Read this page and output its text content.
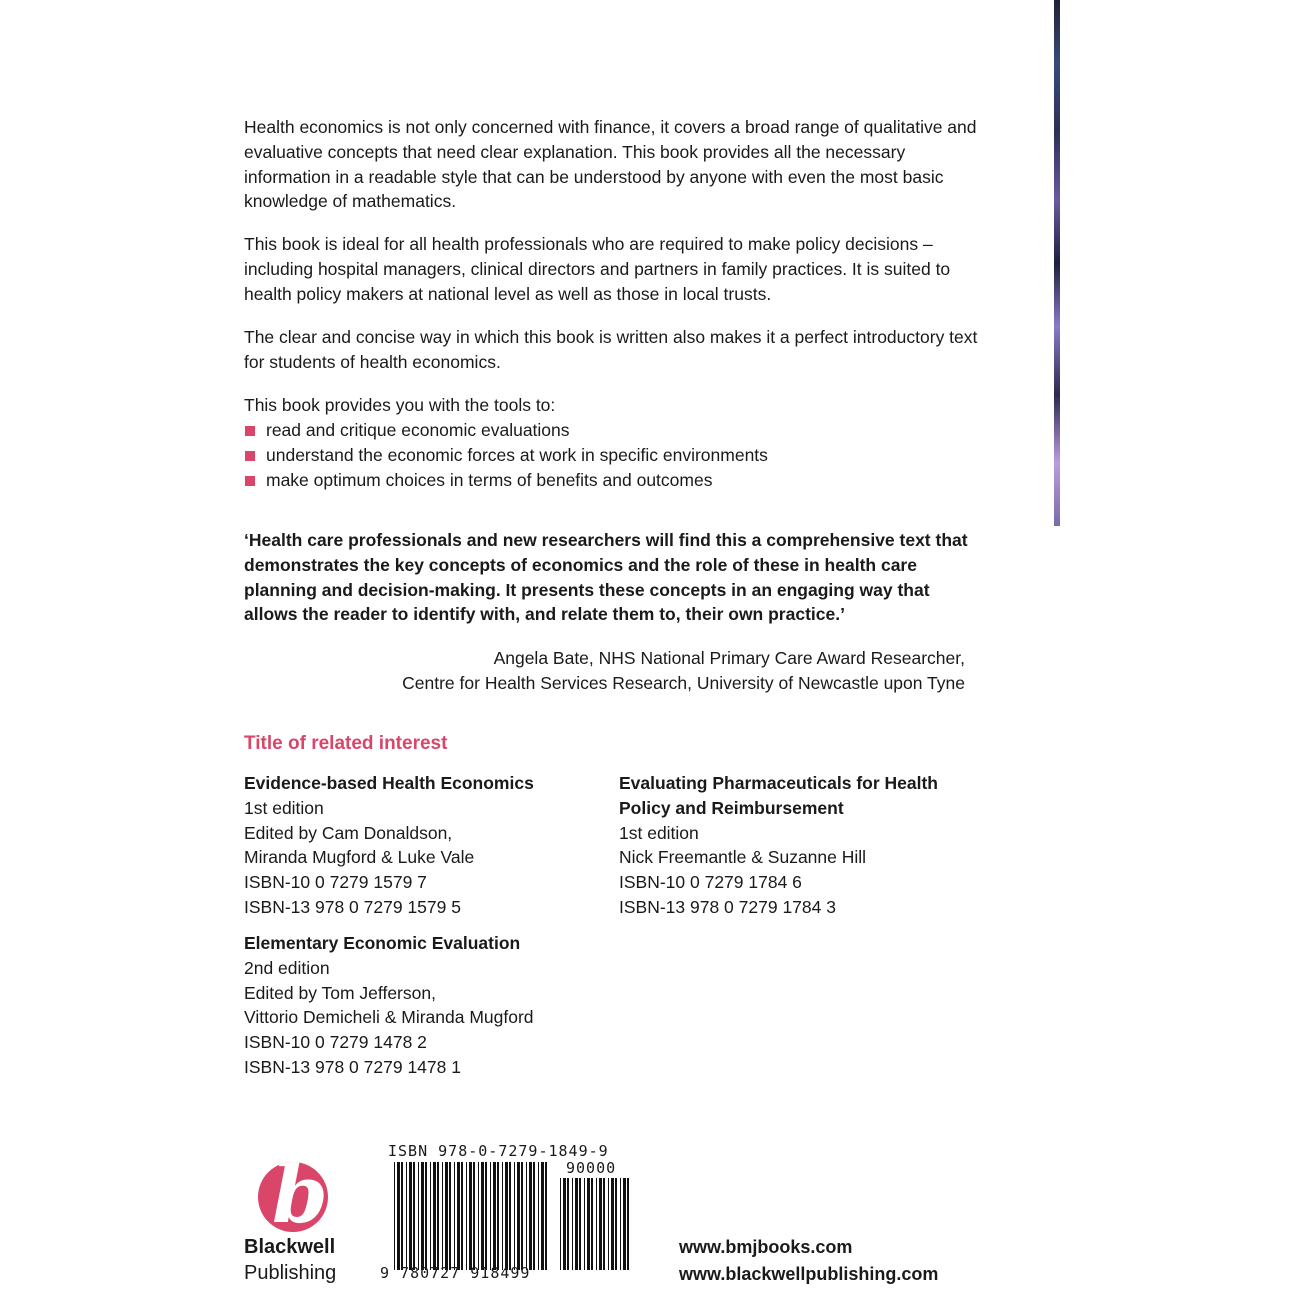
Health economics is not only concerned with finance, it covers a broad range of qualitative and evaluative concepts that need clear explanation. This book provides all the necessary information in a readable style that can be understood by anyone with even the most basic knowledge of mathematics.

This book is ideal for all health professionals who are required to make policy decisions – including hospital managers, clinical directors and partners in family practices. It is suited to health policy makers at national level as well as those in local trusts.

The clear and concise way in which this book is written also makes it a perfect introductory text for students of health economics.

This book provides you with the tools to:

read and critique economic evaluations
understand the economic forces at work in specific environments
make optimum choices in terms of benefits and outcomes

‘Health care professionals and new researchers will find this a comprehensive text that demonstrates the key concepts of economics and the role of these in health care planning and decision-making. It presents these concepts in an engaging way that allows the reader to identify with, and relate them to, their own practice.’

Angela Bate, NHS National Primary Care Award Researcher,
Centre for Health Services Research, University of Newcastle upon Tyne
Title of related interest
Evidence-based Health Economics
1st edition
Edited by Cam Donaldson,
Miranda Mugford & Luke Vale
ISBN-10 0 7279 1579 7
ISBN-13 978 0 7279 1579 5
Elementary Economic Evaluation
2nd edition
Edited by Tom Jefferson,
Vittorio Demicheli & Miranda Mugford
ISBN-10 0 7279 1478 2
ISBN-13 978 0 7279 1478 1
Evaluating Pharmaceuticals for Health
Policy and Reimbursement
1st edition
Nick Freemantle & Suzanne Hill
ISBN-10 0 7279 1784 6
ISBN-13 978 0 7279 1784 3
b
Blackwell
Publishing
ISBN 978-0-7279-1849-9
90000
9 780727 918499
www.bmjbooks.com
www.blackwellpublishing.com
